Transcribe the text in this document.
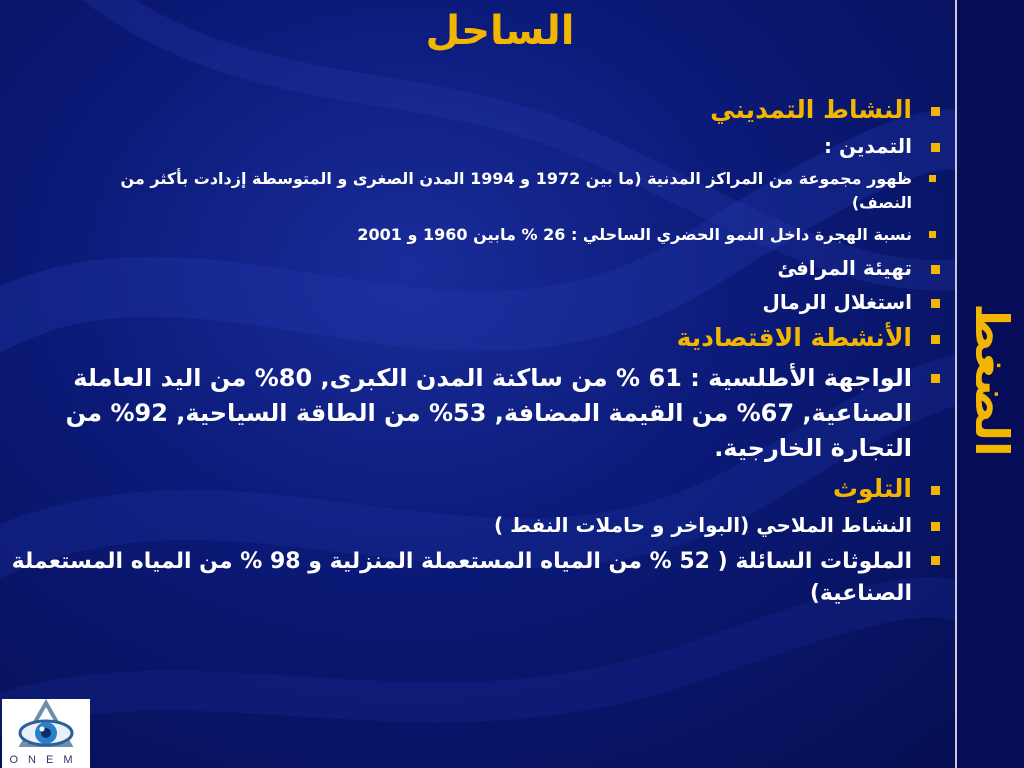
الساحل
النشاط التمديني
التمدين :
ظهور مجموعة من المراكز المدنية (ما بين 1972 و 1994 المدن الصغرى و المتوسطة إزدادت بأكثر من النصف)
نسبة الهجرة داخل النمو الحضري الساحلي : 26 % مابين 1960 و 2001
تهيئة المرافئ
استغلال الرمال
الأنشطة الاقتصادية
الواجهة الأطلسية : 61 % من ساكنة المدن الكبرى, 80% من اليد العاملة الصناعية, 67% من القيمة المضافة, 53% من الطاقة السياحية, 92% من التجارة الخارجية.
التلوث
النشاط الملاحي (البواخر و حاملات النفط )
الملوثات السائلة ( 52 % من المياه المستعملة المنزلية و 98 % من المياه المستعملة الصناعية)
الضغط
ONEM
